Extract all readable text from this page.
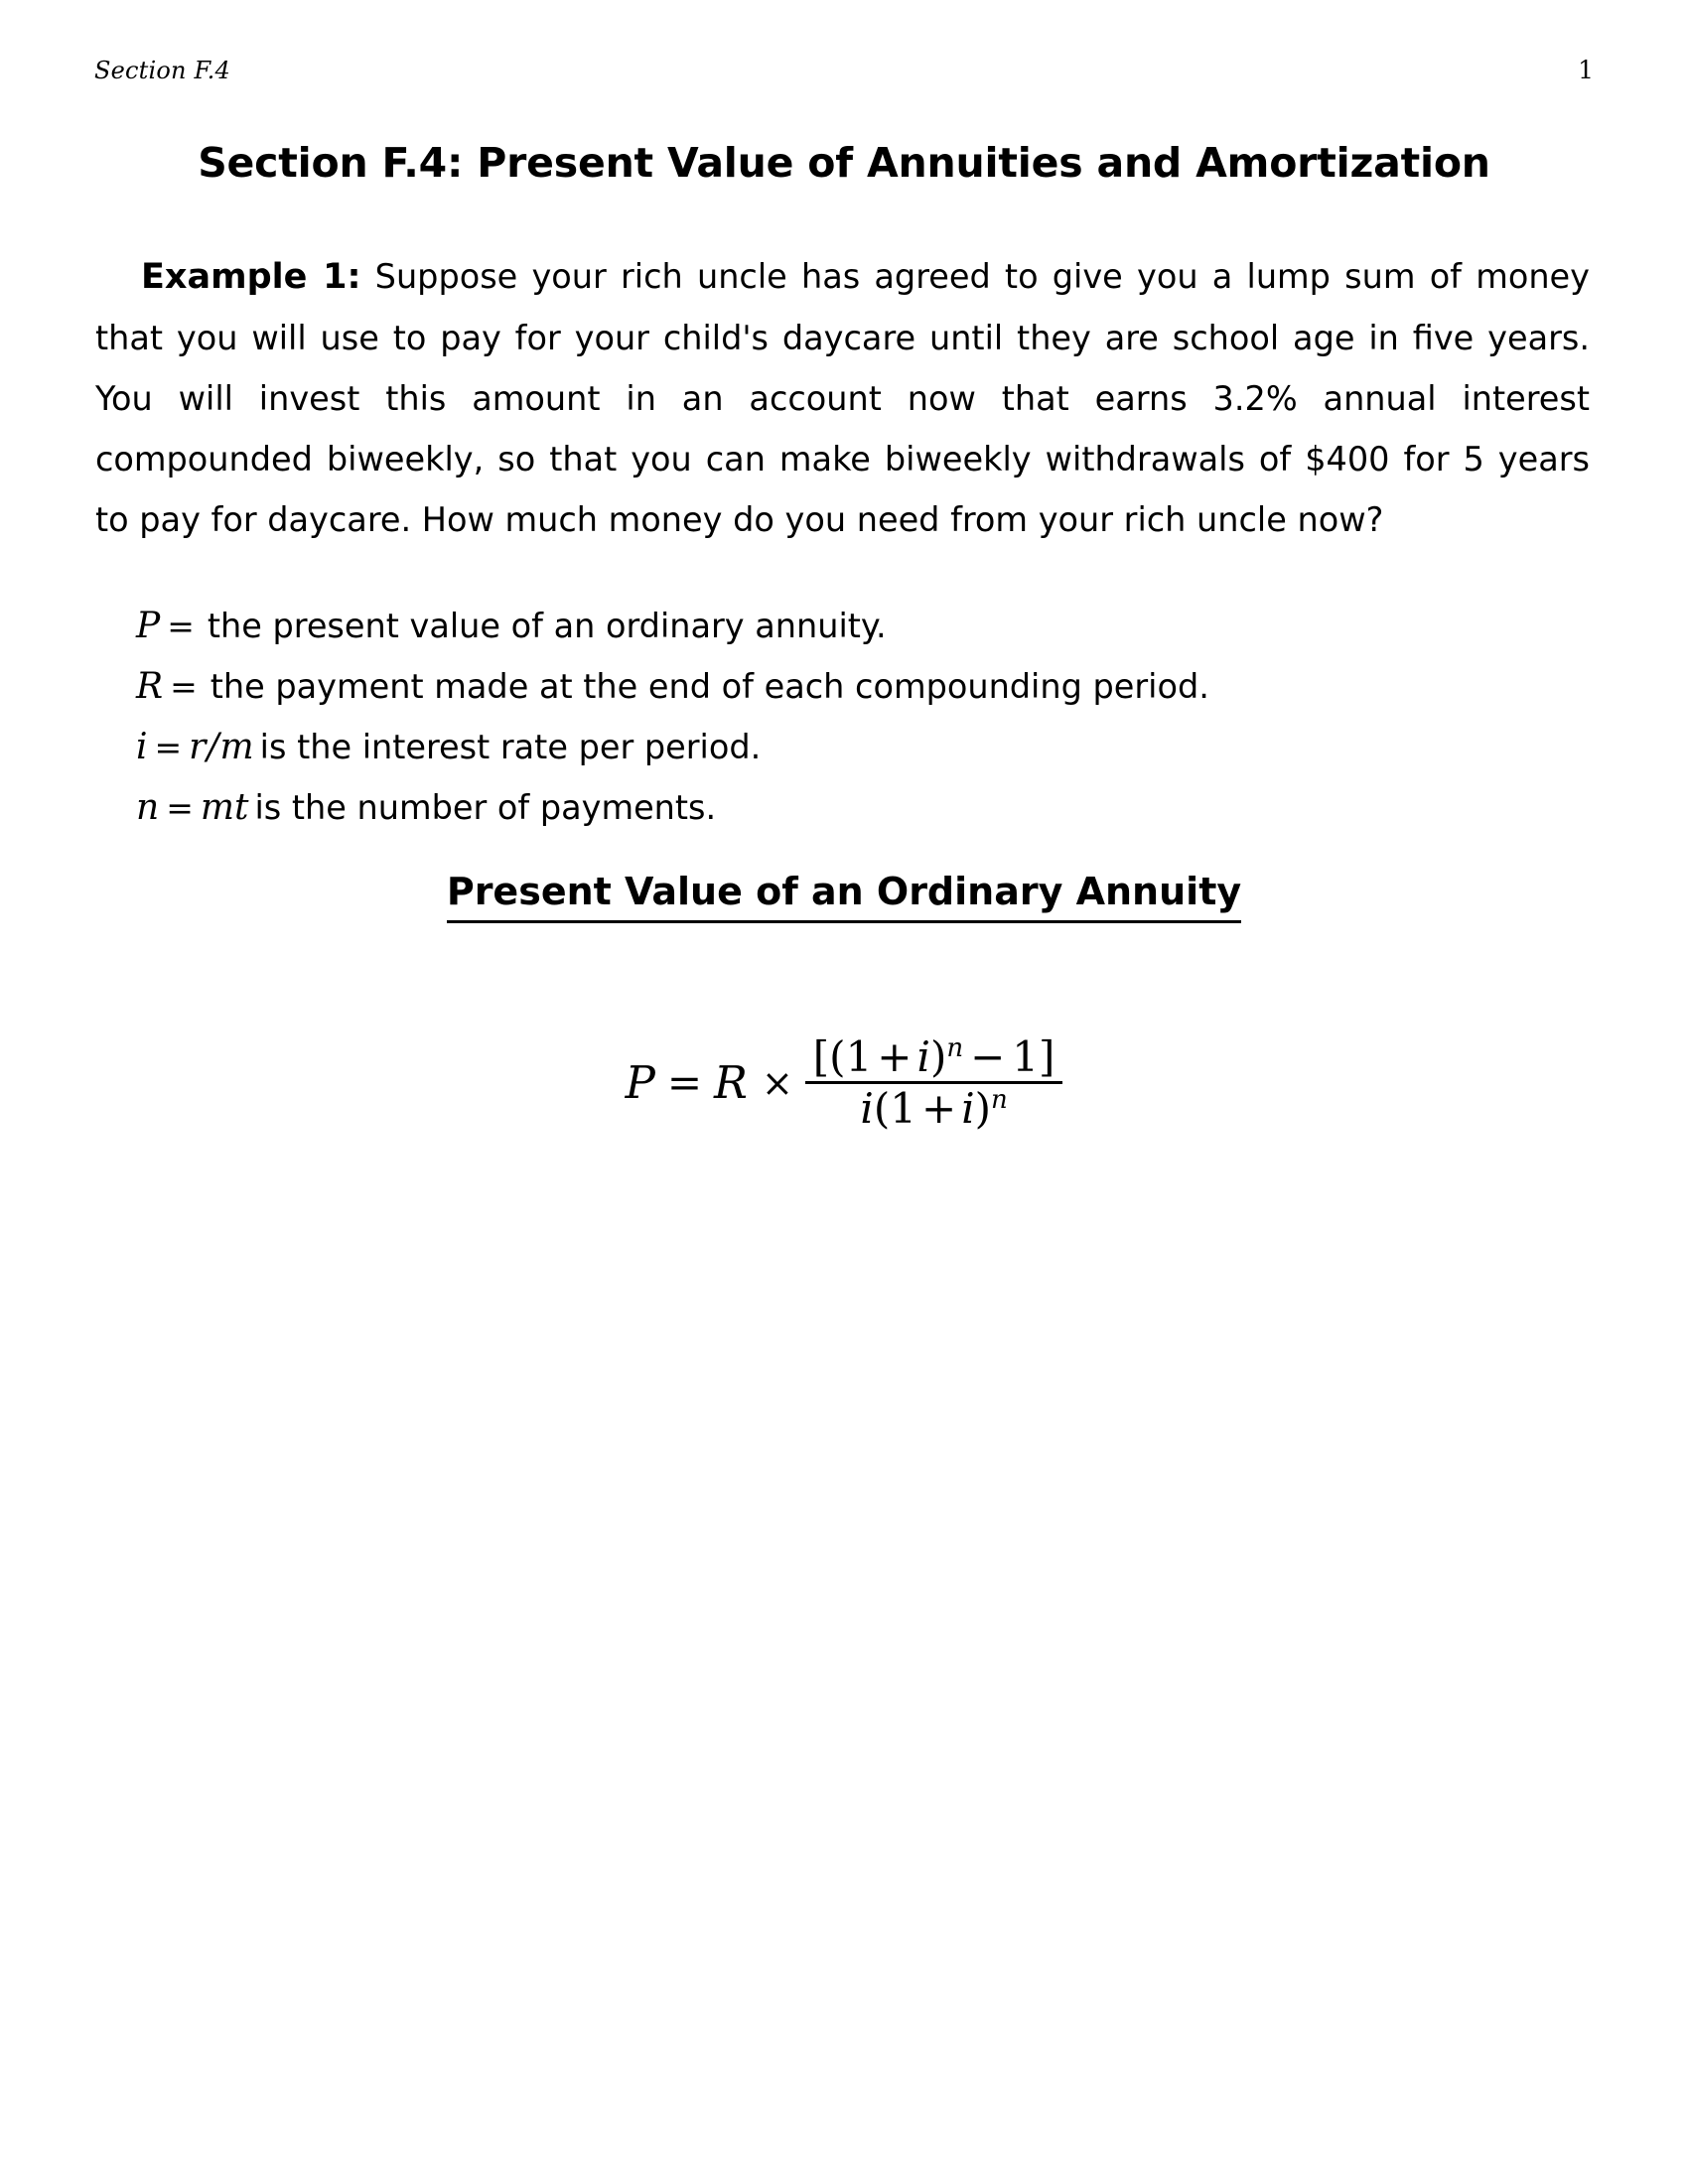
Section F.4	1
Section F.4: Present Value of Annuities and Amortization

Example 1: Suppose your rich uncle has agreed to give you a lump sum of money that you will use to pay for your child's daycare until they are school age in five years. You will invest this amount in an account now that earns 3.2% annual interest compounded biweekly, so that you can make biweekly withdrawals of $400 for 5 years to pay for daycare. How much money do you need from your rich uncle now?

P = the present value of an ordinary annuity.
R = the payment made at the end of each compounding period.
i = r/m is the interest rate per period.
n = mt is the number of payments.
Present Value of an Ordinary Annuity
$P = R \times \frac{[(1 + i)^n - 1]}{i(1 + i)^n}$
